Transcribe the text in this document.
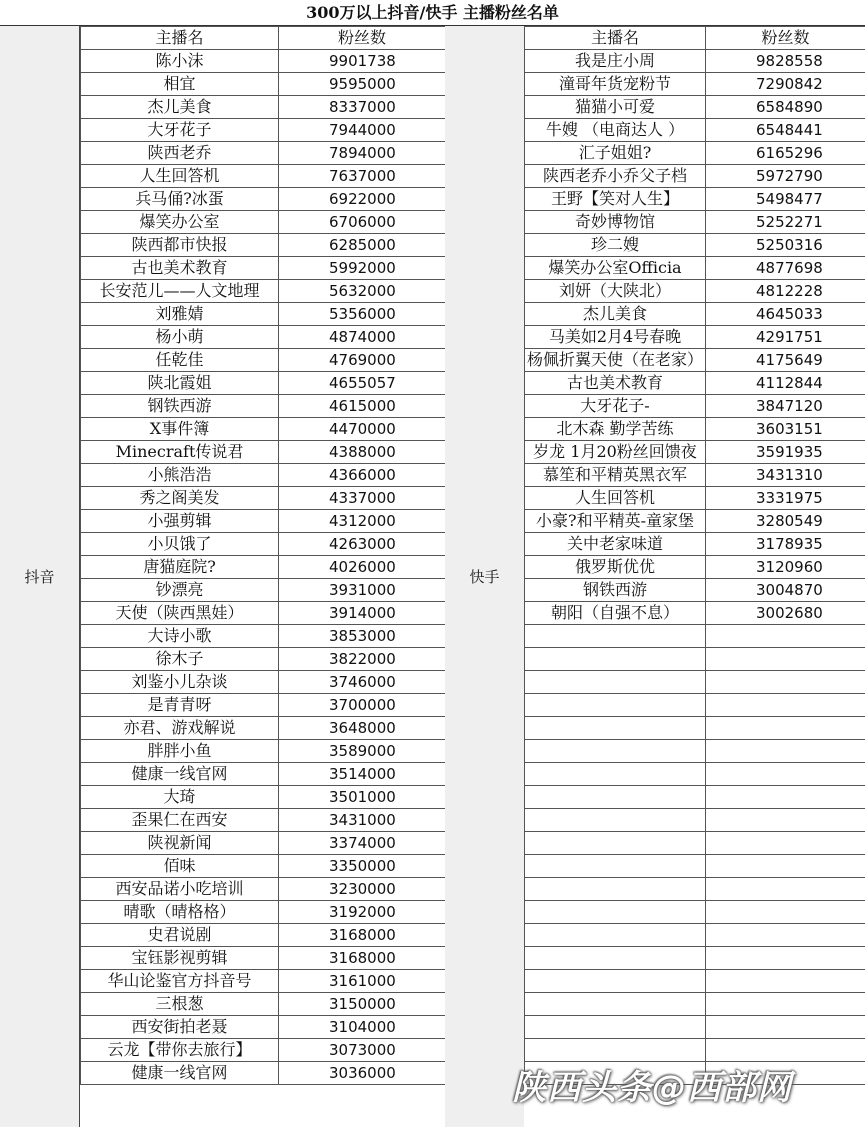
300万以上抖音/快手 主播粉丝名单
抖音
主播名	粉丝数
陈小沫	9901738
相宜	9595000
杰儿美食	8337000
大牙花子	7944000
陕西老乔	7894000
人生回答机	7637000
兵马俑?冰蛋	6922000
爆笑办公室	6706000
陕西都市快报	6285000
古也美术教育	5992000
长安范儿——人文地理	5632000
刘雅婧	5356000
杨小萌	4874000
任乾佳	4769000
陕北霞姐	4655057
钢铁西游	4615000
X事件簿	4470000
Minecraft传说君	4388000
小熊浩浩	4366000
秀之阁美发	4337000
小强剪辑	4312000
小贝饿了	4263000
唐猫庭院?	4026000
钞漂亮	3931000
天使（陕西黑娃）	3914000
大诗小歌	3853000
徐木子	3822000
刘鉴小儿杂谈	3746000
是青青呀	3700000
亦君、游戏解说	3648000
胖胖小鱼	3589000
健康一线官网	3514000
大琦	3501000
歪果仁在西安	3431000
陕视新闻	3374000
佰味	3350000
西安品诺小吃培训	3230000
晴歌（晴格格）	3192000
史君说剧	3168000
宝钰影视剪辑	3168000
华山论鉴官方抖音号	3161000
三根葱	3150000
西安街拍老聂	3104000
云龙【带你去旅行】	3073000
健康一线官网	3036000
快手
主播名	粉丝数
我是庄小周	9828558
潼哥年货宠粉节	7290842
猫猫小可爱	6584890
牛嫂 （电商达人 ）	6548441
汇子姐姐?	6165296
陕西老乔小乔父子档	5972790
王野【笑对人生】	5498477
奇妙博物馆	5252271
珍二嫂	5250316
爆笑办公室Officia	4877698
刘妍（大陕北）	4812228
杰儿美食	4645033
马美如2月4号春晚	4291751
杨佩折翼天使（在老家）	4175649
古也美术教育	4112844
大牙花子-	3847120
北木森 勤学苦练	3603151
岁龙 1月20粉丝回馈夜	3591935
慕笙和平精英黑衣军	3431310
人生回答机	3331975
小豪?和平精英-童家堡	3280549
关中老家味道	3178935
俄罗斯优优	3120960
钢铁西游	3004870
朝阳（自强不息）	3002680

陕西头条@西部网
